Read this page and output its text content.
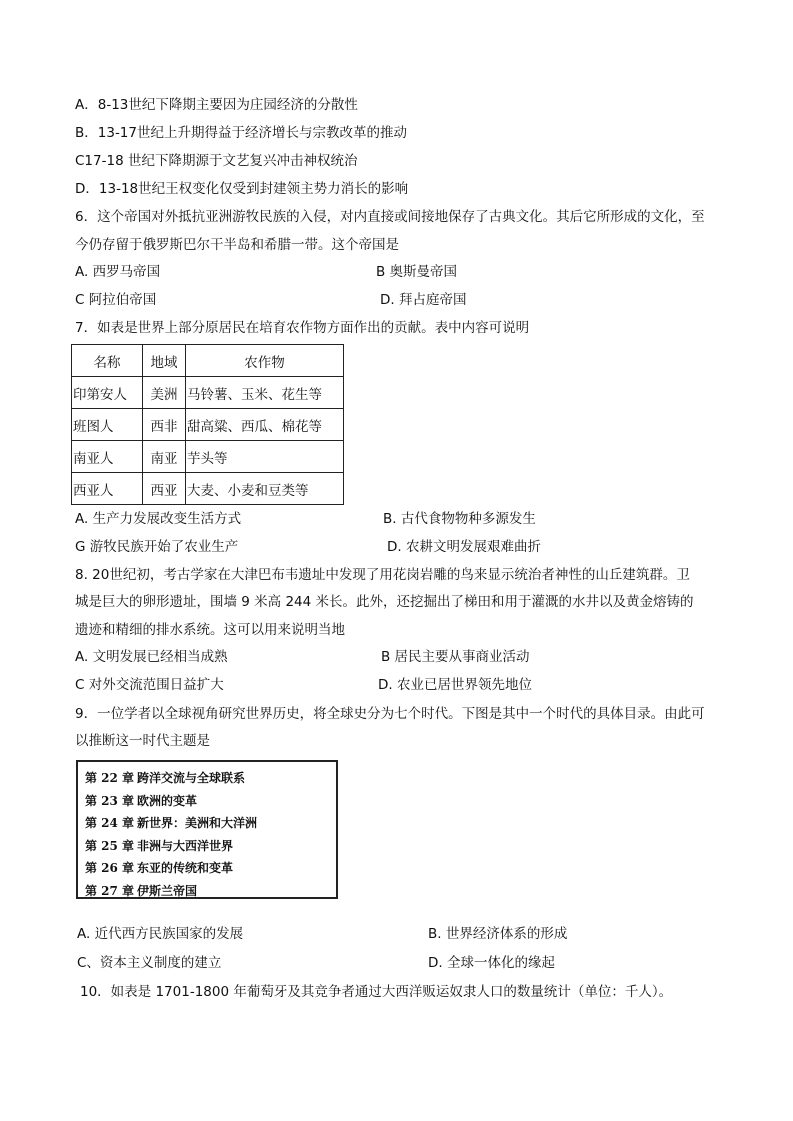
A．8-13世纪下降期主要因为庄园经济的分散性
B．13-17世纪上升期得益于经济增长与宗教改革的推动
C17-18 世纪下降期源于文艺复兴冲击神权统治
D．13-18世纪王权变化仅受到封建领主势力消长的影响
6．这个帝国对外抵抗亚洲游牧民族的入侵，对内直接或间接地保存了古典文化。其后它所形成的文化，至
今仍存留于俄罗斯巴尔干半岛和希腊一带。这个帝国是
A. 西罗马帝国	B 奥斯曼帝国
C 阿拉伯帝国	D. 拜占庭帝国
7．如表是世界上部分原居民在培育农作物方面作出的贡献。表中内容可说明
名称	地域	农作物
印第安人	美洲	马铃薯、玉米、花生等
班图人	西非	甜高粱、西瓜、棉花等
南亚人	南亚	芋头等
西亚人	西亚	大麦、小麦和豆类等
A. 生产力发展改变生活方式	B. 古代食物物种多源发生
G 游牧民族开始了农业生产	D. 农耕文明发展艰难曲折
8. 20世纪初，考古学家在大津巴布韦遗址中发现了用花岗岩雕的鸟来显示统治者神性的山丘建筑群。卫
城是巨大的卵形遗址，围墙 9 米高 244 米长。此外，还挖掘出了梯田和用于灌溉的水井以及黄金熔铸的
遗迹和精细的排水系统。这可以用来说明当地
A. 文明发展已经相当成熟	B 居民主要从事商业活动
C 对外交流范围日益扩大	D. 农业已居世界领先地位
9．一位学者以全球视角研究世界历史，将全球史分为七个时代。下图是其中一个时代的具体目录。由此可
以推断这一时代主题是
第 22 章 跨洋交流与全球联系
第 23 章 欧洲的变革
第 24 章 新世界：美洲和大洋洲
第 25 章 非洲与大西洋世界
第 26 章 东亚的传统和变革
第 27 章 伊斯兰帝国
A. 近代西方民族国家的发展	B. 世界经济体系的形成
C、资本主义制度的建立	D. 全球一体化的缘起
10．如表是 1701-1800 年葡萄牙及其竞争者通过大西洋贩运奴隶人口的数量统计（单位：千人）。
